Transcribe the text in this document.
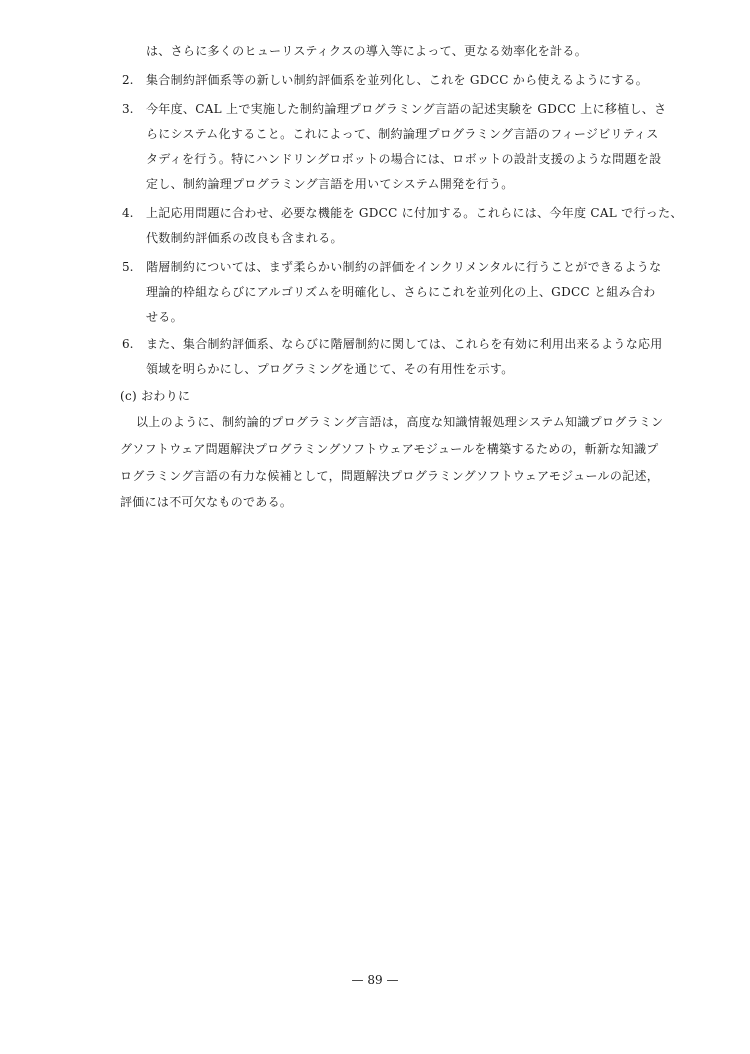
は、さらに多くのヒューリスティクスの導入等によって、更なる効率化を計る。
2. 集合制約評価系等の新しい制約評価系を並列化し、これを GDCC から使えるようにする。
3. 今年度、CAL 上で実施した制約論理プログラミング言語の記述実験を GDCC 上に移植し、さ
らにシステム化すること。これによって、制約論理プログラミング言語のフィージビリティス
タディを行う。特にハンドリングロボットの場合には、ロボットの設計支援のような問題を設
定し、制約論理プログラミング言語を用いてシステム開発を行う。
4. 上記応用問題に合わせ、必要な機能を GDCC に付加する。これらには、今年度 CAL で行った、
代数制約評価系の改良も含まれる。
5. 階層制約については、まず柔らかい制約の評価をインクリメンタルに行うことができるような
理論的枠組ならびにアルゴリズムを明確化し、さらにこれを並列化の上、GDCC と組み合わ
せる。
6. また、集合制約評価系、ならびに階層制約に関しては、これらを有効に利用出来るような応用
領域を明らかにし、プログラミングを通じて、その有用性を示す。
(c) おわりに
以上のように、制約論的プログラミング言語は，高度な知識情報処理システム知識プログラミン
グソフトウェア問題解決プログラミングソフトウェアモジュールを構築するための，斬新な知識プ
ログラミング言語の有力な候補として，問題解決プログラミングソフトウェアモジュールの記述，
評価には不可欠なものである。
— 89 —
